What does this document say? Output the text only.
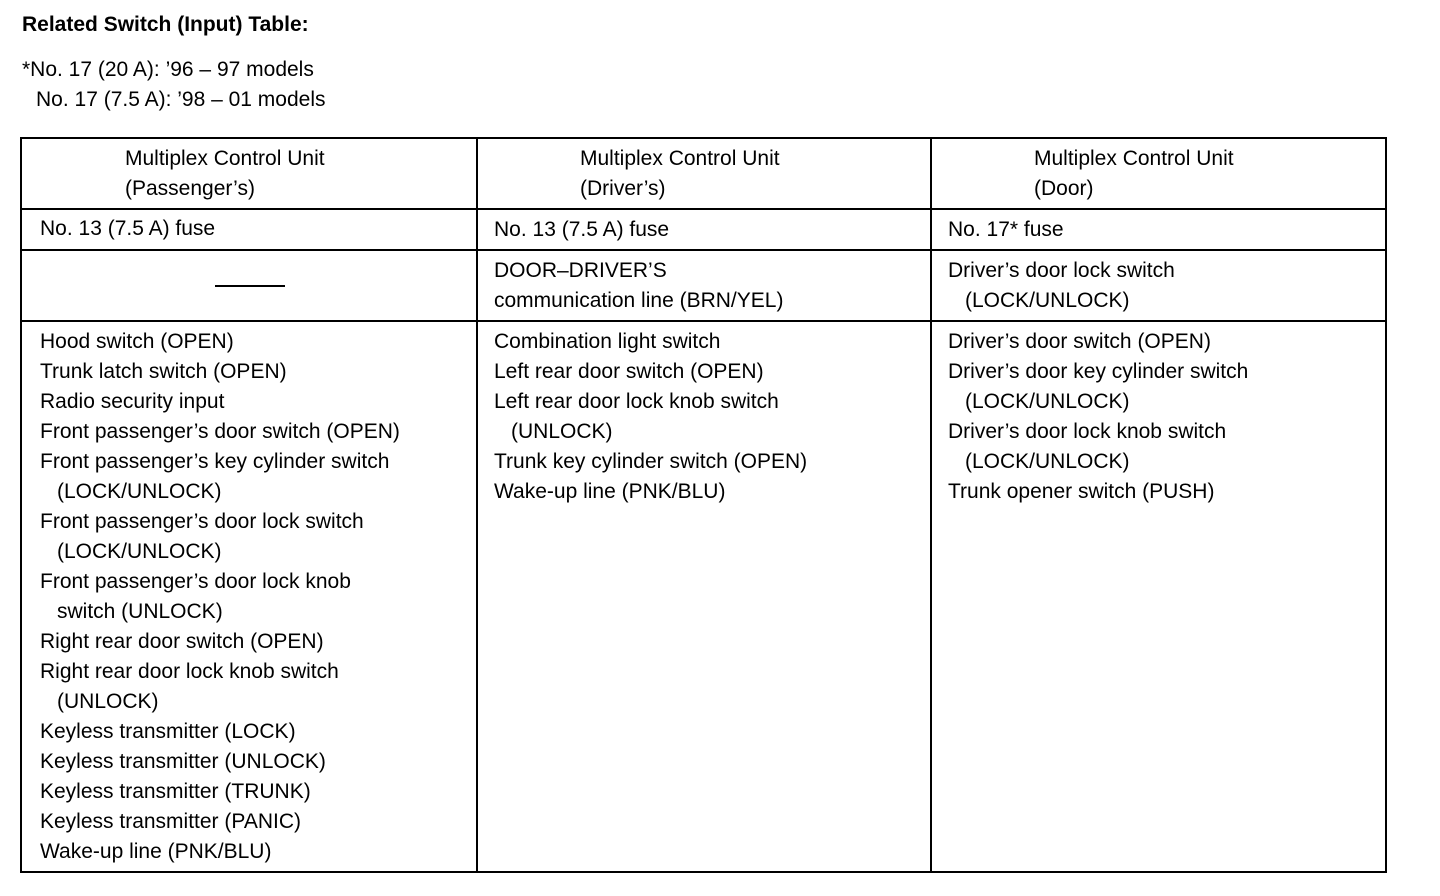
Related Switch (Input) Table:
*No. 17 (20 A): ’96 – 97 models
No. 17 (7.5 A): ’98 – 01 models
Multiplex Control Unit
(Passenger’s)
Multiplex Control Unit
(Driver’s)
Multiplex Control Unit
(Door)
No. 13 (7.5 A) fuse	No. 13 (7.5 A) fuse	No. 17* fuse
DOOR–DRIVER’S
communication line (BRN/YEL)
Driver’s door lock switch
(LOCK/UNLOCK)
Hood switch (OPEN)
Trunk latch switch (OPEN)
Radio security input
Front passenger’s door switch (OPEN)
Front passenger’s key cylinder switch
(LOCK/UNLOCK)
Front passenger’s door lock switch
(LOCK/UNLOCK)
Front passenger’s door lock knob
switch (UNLOCK)
Right rear door switch (OPEN)
Right rear door lock knob switch
(UNLOCK)
Keyless transmitter (LOCK)
Keyless transmitter (UNLOCK)
Keyless transmitter (TRUNK)
Keyless transmitter (PANIC)
Wake-up line (PNK/BLU)
Combination light switch
Left rear door switch (OPEN)
Left rear door lock knob switch
(UNLOCK)
Trunk key cylinder switch (OPEN)
Wake-up line (PNK/BLU)
Driver’s door switch (OPEN)
Driver’s door key cylinder switch
(LOCK/UNLOCK)
Driver’s door lock knob switch
(LOCK/UNLOCK)
Trunk opener switch (PUSH)
